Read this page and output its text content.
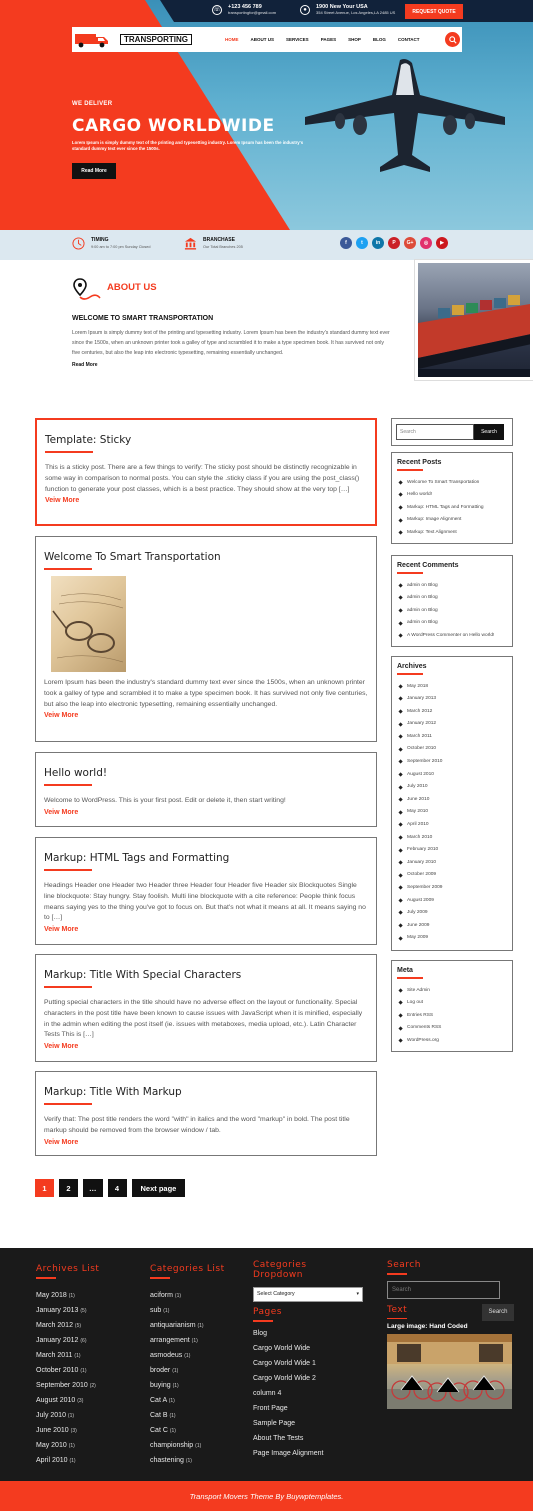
☏ +123 456 789
transportingfor@gmail.com	●	1900 New Your USA
354 Street Avenue, Los Angeles,LA 2485 US	REQUEST QUOTE
TRANSPORTING	HOME	ABOUT US	SERVICES	PAGES	SHOP	BLOG	CONTACT
WE DELIVER
CARGO WORLDWIDE
Lorem Ipsum is simply dummy text of the printing and typesetting industry. Lorem Ipsum has been the industry's standard dummy text ever since the 1500s.
Read More
TIMING
9:00 am to 7:00 pm Sunday Closed
BRANCHASE
Our Total Branches 205
f	t	in	P	G+	◎	▶
ABOUT US
WELCOME TO SMART TRANSPORTATION
Lorem Ipsum is simply dummy text of the printing and typesetting industry. Lorem Ipsum has been the industry's standard dummy text ever since the 1500s, when an unknown printer took a galley of type and scrambled it to make a type specimen book. It has survived not only five centuries, but also the leap into electronic typesetting, remaining essentially unchanged.
Read More
Template: Sticky
This is a sticky post. There are a few things to verify: The sticky post should be distinctly recognizable in some way in comparison to normal posts. You can style the .sticky class if you are using the post_class() function to generate your post classes, which is a best practice. They should show at the very top […]
Veiw More
Welcome To Smart Transportation
Lorem Ipsum has been the industry's standard dummy text ever since the 1500s, when an unknown printer took a galley of type and scrambled it to make a type specimen book. It has survived not only five centuries, but also the leap into electronic typesetting, remaining essentially unchanged.
Veiw More
Hello world!
Welcome to WordPress. This is your first post. Edit or delete it, then start writing!
Veiw More
Markup: HTML Tags and Formatting
Headings Header one Header two Header three Header four Header five Header six Blockquotes Single line blockquote: Stay hungry. Stay foolish. Multi line blockquote with a cite reference: People think focus means saying yes to the thing you've got to focus on. But that's not what it means at all. It means saying no to […]
Veiw More
Markup: Title With Special Characters
Putting special characters in the title should have no adverse effect on the layout or functionality. Special characters in the post title have been known to cause issues with JavaScript when it is minified, especially in the admin when editing the post itself (ie. issues with metaboxes, media upload, etc.). Latin Character Tests This is […]
Veiw More
Markup: Title With Markup
Verify that: The post title renders the word "with" in italics and the word "markup" in bold. The post title markup should be removed from the browser window / tab.
Veiw More
Search	Search
Recent Posts
Welcome To Smart Transportation
Hello world!
Markup: HTML Tags and Formatting
Markup: Image Alignment
Markup: Text Alignment
Recent Comments
admin on Blog
admin on Blog
admin on Blog
admin on Blog
A WordPress Commenter on Hello world!
Archives
May 2018
January 2013
March 2012
January 2012
March 2011
October 2010
September 2010
August 2010
July 2010
June 2010
May 2010
April 2010
March 2010
February 2010
January 2010
October 2009
September 2009
August 2009
July 2009
June 2009
May 2009
Meta
Site Admin
Log out
Entries RSS
Comments RSS
WordPress.org
1	2	…	4	Next page
Archives List
May 2018 (1)
January 2013 (5)
March 2012 (5)
January 2012 (6)
March 2011 (1)
October 2010 (1)
September 2010 (2)
August 2010 (3)
July 2010 (1)
June 2010 (3)
May 2010 (1)
April 2010 (1)
Categories List
aciform (1)
sub (1)
antiquarianism (1)
arrangement (1)
asmodeus (1)
broder (1)
buying (1)
Cat A (1)
Cat B (1)
Cat C (1)
championship (1)
chastening (1)
Categories Dropdown
Select Category	▾
Pages
Blog
Cargo World Wide
Cargo World Wide 1
Cargo World Wide 2
column 4
Front Page
Sample Page
About The Tests
Page Image Alignment
Search
Search
Search
Text
Large image: Hand Coded
Transport Movers Theme By Buywptemplates.
